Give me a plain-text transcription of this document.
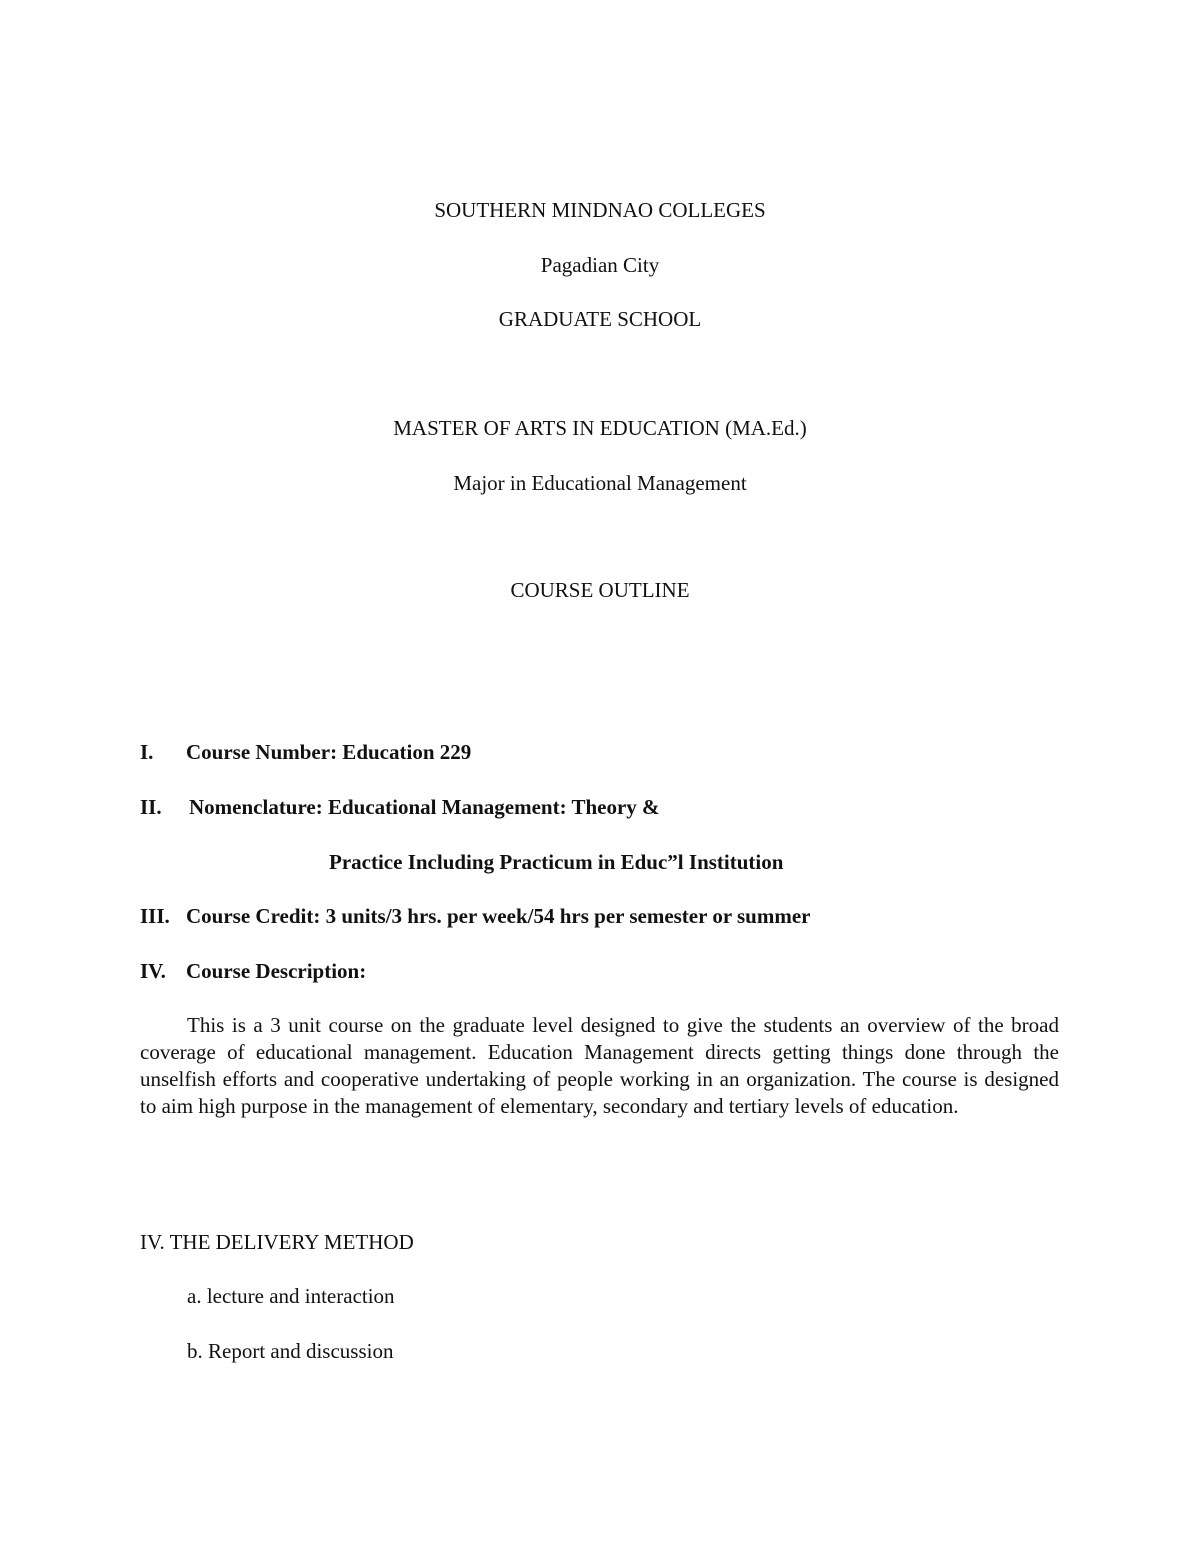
SOUTHERN MINDNAO COLLEGES
Pagadian City
GRADUATE SCHOOL
MASTER OF ARTS IN EDUCATION (MA.Ed.)
Major in Educational Management
COURSE OUTLINE
I. Course Number: Education 229
II. Nomenclature: Educational Management: Theory &
Practice Including Practicum in Educ”l Institution
III. Course Credit: 3 units/3 hrs. per week/54 hrs per semester or summer
IV. Course Description:

This is a 3 unit course on the graduate level designed to give the students an overview of the broad coverage of educational management. Education Management directs getting things done through the unselfish efforts and cooperative undertaking of people working in an organization. The course is designed to aim high purpose in the management of elementary, secondary and tertiary levels of education.

IV. THE DELIVERY METHOD
a. lecture and interaction
b. Report and discussion
